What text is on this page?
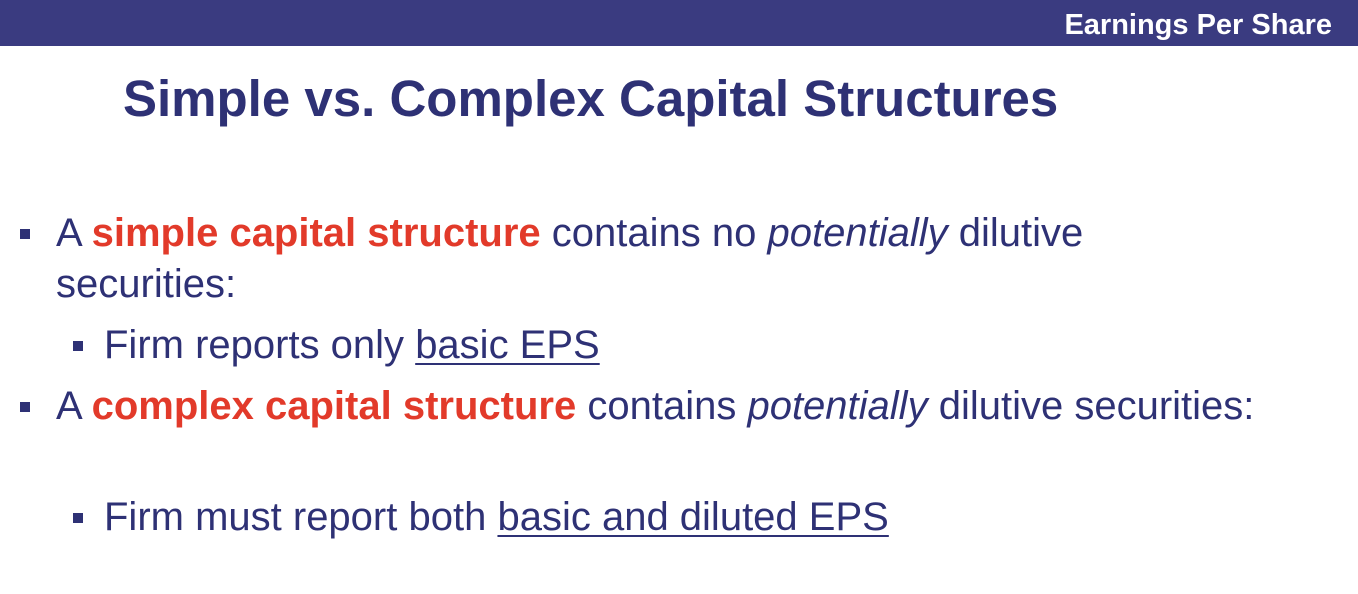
Earnings Per Share
Simple vs. Complex Capital Structures
A simple capital structure contains no potentially dilutive securities:
Firm reports only basic EPS
A complex capital structure contains potentially dilutive securities:
Firm must report both basic and diluted EPS
